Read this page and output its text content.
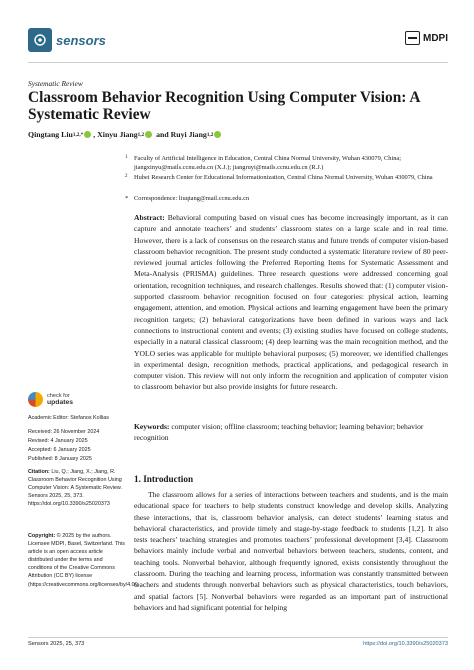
sensors	MDPI
Systematic Review
Classroom Behavior Recognition Using Computer Vision: A Systematic Review
Qingtang Liu 1,2,* , Xinyu Jiang 1,2
and
Ruyi Jiang 1,2
1 Faculty of Artificial Intelligence in Education, Central China Normal University, Wuhan 430079, China; jiangxinyu@mails.ccnu.edu.cn (X.J.); jiangruyi@mails.ccnu.edu.cn (R.J.)
2 Hubei Research Center for Educational Informationization, Central China Normal University, Wuhan 430079, China
* Correspondence: liuqtang@mail.ccnu.edu.cn
Abstract: Behavioral computing based on visual cues has become increasingly important, as it can capture and annotate teachers’ and students’ classroom states on a large scale and in real time. However, there is a lack of consensus on the research status and future trends of computer vision-based classroom behavior recognition. The present study conducted a systematic literature review of 80 peer-reviewed journal articles following the Preferred Reporting Items for Systematic Assessment and Meta-Analysis (PRISMA) guidelines. Three research questions were addressed concerning goal orientation, recognition techniques, and research challenges. Results showed that: (1) computer vision-supported classroom behavior recognition focused on four categories: physical action, learning engagement, attention, and emotion. Physical actions and learning engagement have been the primary recognition targets; (2) behavioral categorizations have been defined in various ways and lack connections to instructional content and events; (3) existing studies have focused on college students, especially in a natural classical classroom; (4) deep learning was the main recognition method, and the YOLO series was applicable for multiple behavioral purposes; (5) moreover, we identified challenges in experimental design, recognition methods, practical applications, and pedagogical research in computer vision. This review will not only inform the recognition and application of computer vision to classroom behavior but also provide insights for future research.
Keywords: computer vision; offline classroom; teaching behavior; learning behavior; behavior recognition
check for
updates
Academic Editor: Stefanos Kollias
Received: 26 November 2024
Revised: 4 January 2025
Accepted: 6 January 2025
Published: 8 January 2025
Citation: Liu, Q.; Jiang, X.; Jiang, R. Classroom Behavior Recognition Using Computer Vision: A Systematic Review. Sensors 2025, 25, 373. https://doi.org/10.3390/s25020373
Copyright: © 2025 by the authors. Licensee MDPI, Basel, Switzerland. This article is an open access article distributed under the terms and conditions of the Creative Commons Attribution (CC BY) license (https://creativecommons.org/licenses/by/4.0/).
1. Introduction
The classroom allows for a series of interactions between teachers and students, and is the main educational space for teachers to help students construct knowledge and develop skills. Analyzing these interactions, that is, classroom behavior analysis, can detect students’ learning status and behavioral characteristics, and provide timely and stage-by-stage feedback to students [1,2]. It also tests teachers’ teaching strategies and promotes teachers’ professional development [3,4]. Classroom behaviors mainly include verbal and nonverbal behaviors between teachers, students, content, and teaching tools. Nonverbal behavior, although frequently ignored, exists consistently throughout the classroom. During the teaching and learning process, information was constantly transmitted between teachers and students through nonverbal behaviors such as physical characteristics, touch behaviors, and spatial factors [5]. Nonverbal behaviors were regarded as an important part of instructional behaviors and had significant potential for helping
Sensors 2025, 25, 373	https://doi.org/10.3390/s25020373
